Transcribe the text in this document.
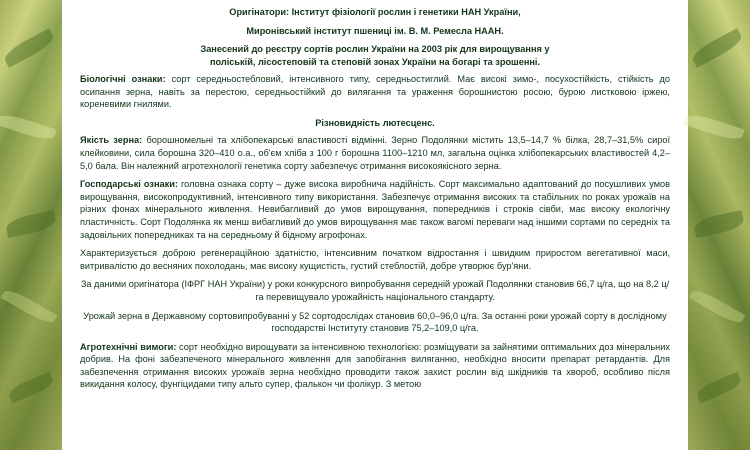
Оригінатори: Інститут фізіології рослин і генетики НАН України,

Миронівський інститут пшениці ім. В. М. Ремесла НААН.

Занесений до реєстру сортів рослин України на 2003 рік для вирощування у
поліській, лісостеповій та степовій зонах України на богарі та зрошенні.

Біологічні ознаки: сорт середньостебловий, інтенсивного типу, середньостиглий. Має високі зимо-, посухостійкість, стійкість до осипання зерна, навіть за перестою, середньостійкий до вилягання та ураження борошнистою росою, бурою листковою іржею, кореневими гнилями.

Різновидність лютесценс.

Якість зерна: борошномельні та хлібопекарські властивості відмінні. Зерно Подолянки містить 13,5–14,7 % білка, 28,7–31,5% сирої клейковини, сила борошна 320–410 о.а., об'єм хліба з 100 г борошна 1100–1210 мл, загальна оцінка хлібопекарських властивостей 4,2–5,0 бала. Він належний агротехнології генетика сорту забезпечує отримання високоякісного зерна.

Господарські ознаки: головна ознака сорту – дуже висока виробнича надійність. Сорт максимально адаптований до посушливих умов вирощування, високопродуктивний, інтенсивного типу використання. Забезпечує отримання високих та стабільних по роках урожаїв на різних фонах мінерального живлення. Невибагливий до умов вирощування, попередників і строків сівби, має високу екологічну пластичність. Сорт Подолянка як менш вибагливий до умов вирощування має також вагомі переваги над іншими сортами по середніх та задовільних попередниках та на середньому й бідному агрофонах.

Характеризується доброю регенераційною здатністю, інтенсивним початком відростання і швидким приростом вегетативної маси, витривалістю до весняних похолодань, має високу кущистість, густий стеблостій, добре утворює бур'яни.

За даними оригінатора (ІФРГ НАН України) у роки конкурсного випробування середній урожай Подолянки становив 66,7 ц/га, що на 8,2 ц/га перевищувало урожайність національного стандарту.

Урожай зерна в Державному сортовипробуванні у 52 сортодослідах становив 60,0–96,0 ц/га. За останні роки урожай сорту в дослідному господарстві Інституту становив 75,2–109,0 ц/га.

Агротехнічні вимоги: сорт необхідно вирощувати за інтенсивною технологією: розміщувати за зайнятими оптимальних доз мінеральних добрив. На фоні забезпеченого мінерального живлення для запобігання виляганню, необхідно вносити препарат ретардантів. Для забезпечення отримання високих урожаїв зерна необхідно проводити також захист рослин від шкідників та хвороб, особливо після викидання колосу, фунгіцидами типу альто супер, фалькон чи фолікур. З метою
